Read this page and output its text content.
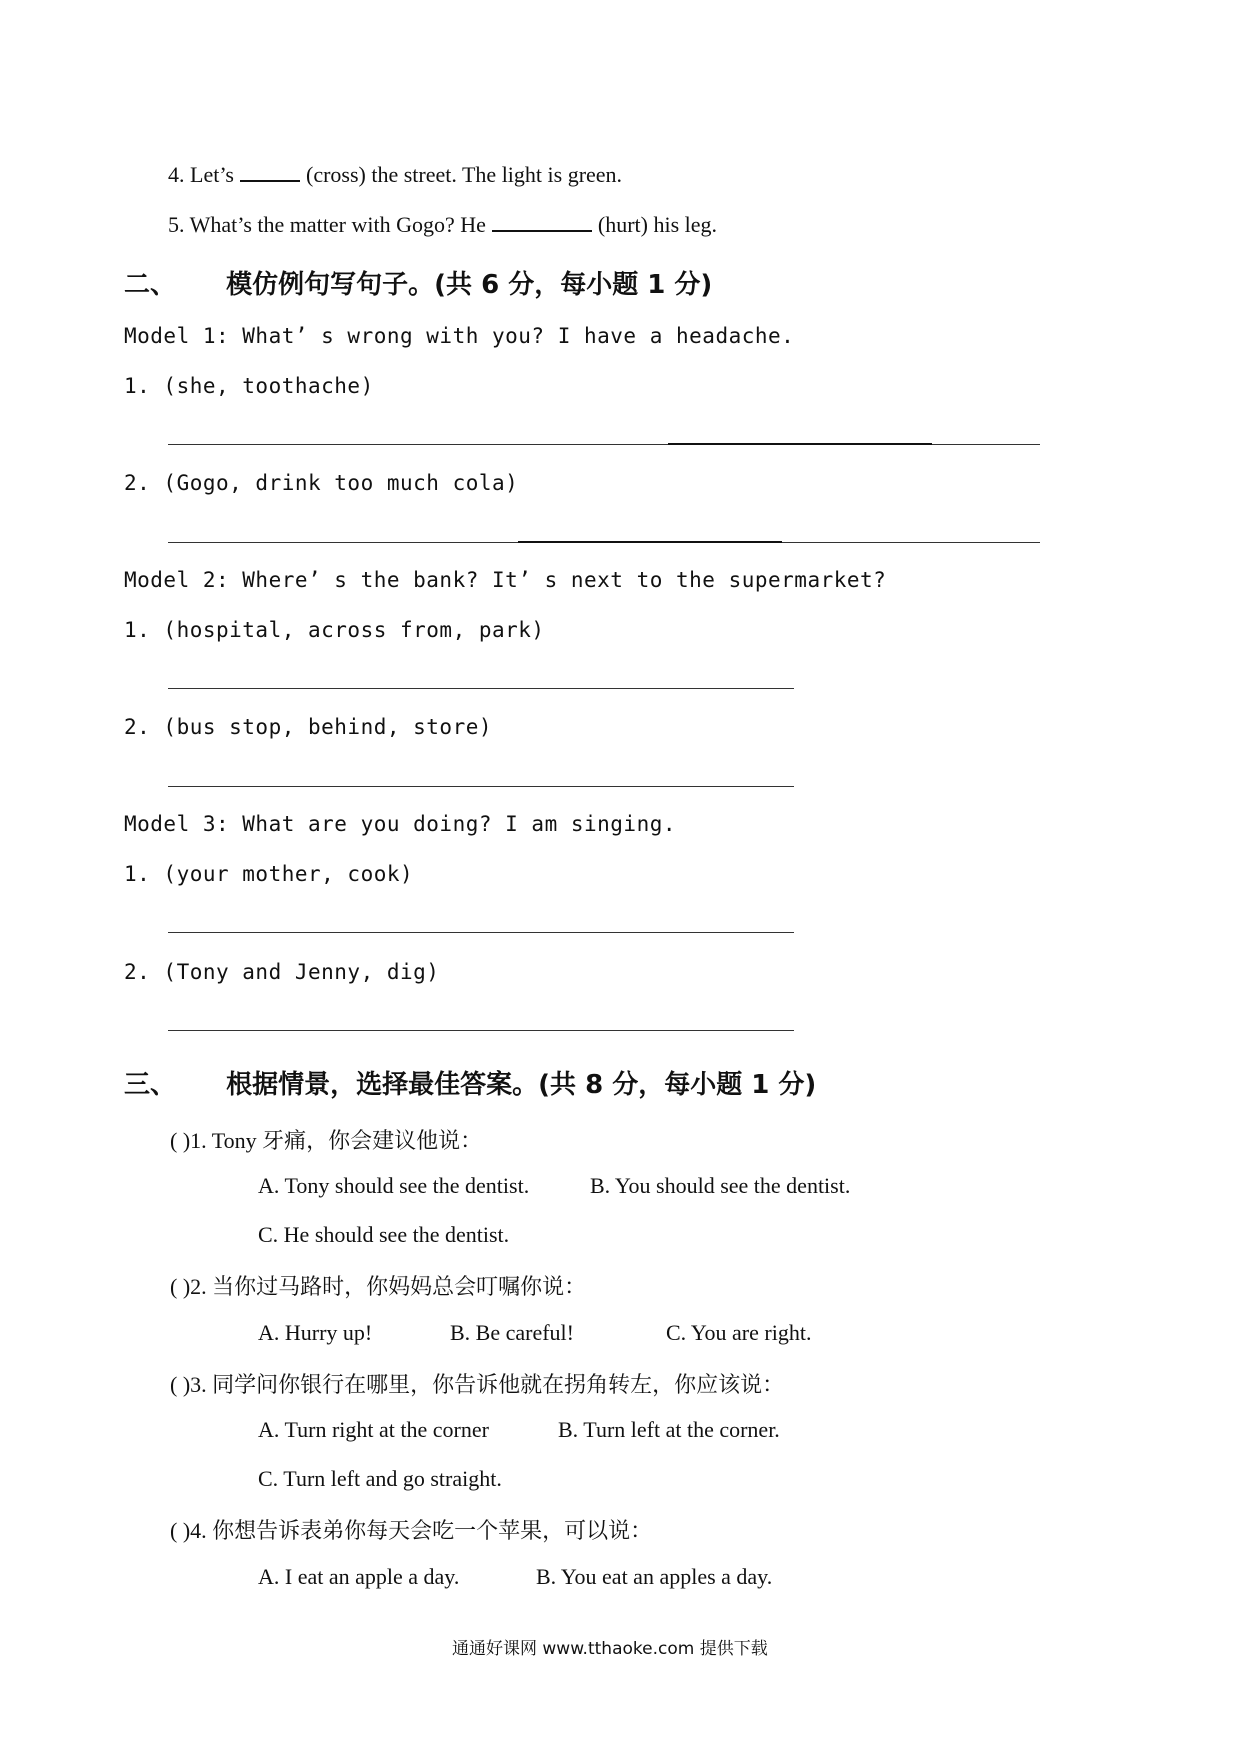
4. Let’s	(cross) the street. The light is green.
5. What’s the matter with Gogo? He	(hurt) his leg.
二、 模仿例句写句子。(共 6 分，每小题 1 分)
Model 1: What’ s wrong with you? I have a headache.
1. (she, toothache)
2. (Gogo, drink too much cola)
Model 2: Where’ s the bank? It’ s next to the supermarket?
1. (hospital, across from, park)
2. (bus stop, behind, store)
Model 3: What are you doing? I am singing.
1. (your mother, cook)
2. (Tony and Jenny, dig)
三、 根据情景，选择最佳答案。(共 8 分，每小题 1 分)
( )1. Tony 牙痛，你会建议他说：
A. Tony should see the dentist.	B. You should see the dentist.
C. He should see the dentist.
( )2. 当你过马路时，你妈妈总会叮嘱你说：
A. Hurry up!	B. Be careful!	C. You are right.
( )3. 同学问你银行在哪里，你告诉他就在拐角转左，你应该说：
A. Turn right at the corner	B. Turn left at the corner.
C. Turn left and go straight.
( )4. 你想告诉表弟你每天会吃一个苹果，可以说：
A. I eat an apple a day.	B. You eat an apples a day.
通通好课网 www.tthaoke.com 提供下载
